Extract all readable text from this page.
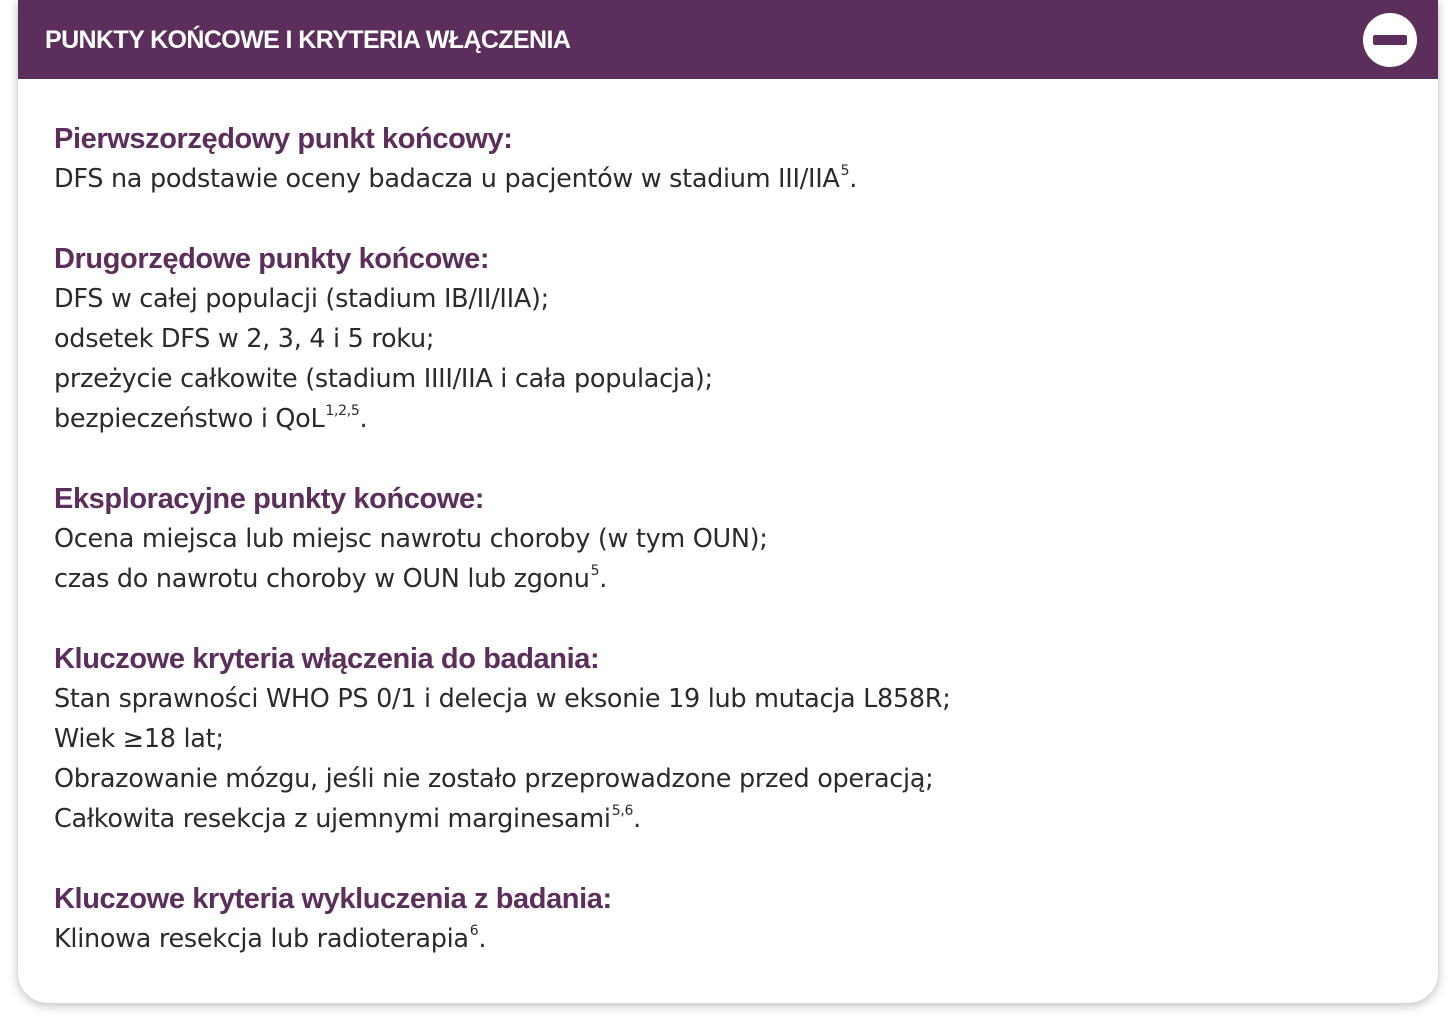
PUNKTY KOŃCOWE I KRYTERIA WŁĄCZENIA
Pierwszorzędowy punkt końcowy:
DFS na podstawie oceny badacza u pacjentów w stadium III/IIA$^5$.
Drugorzędowe punkty końcowe:
DFS w całej populacji (stadium IB/II/IIA);
odsetek DFS w 2, 3, 4 i 5 roku;
przeżycie całkowite (stadium IIII/IIA i cała populacja);
bezpieczeństwo i QoL$^{1,2,5}$.
Eksploracyjne punkty końcowe:
Ocena miejsca lub miejsc nawrotu choroby (w tym OUN);
czas do nawrotu choroby w OUN lub zgonu$^5$.
Kluczowe kryteria włączenia do badania:
Stan sprawności WHO PS 0/1 i delecja w eksonie 19 lub mutacja L858R;
Wiek ≥18 lat;
Obrazowanie mózgu, jeśli nie zostało przeprowadzone przed operacją;
Całkowita resekcja z ujemnymi marginesami$^{5,6}$.
Kluczowe kryteria wykluczenia z badania:
Klinowa resekcja lub radioterapia$^6$.
